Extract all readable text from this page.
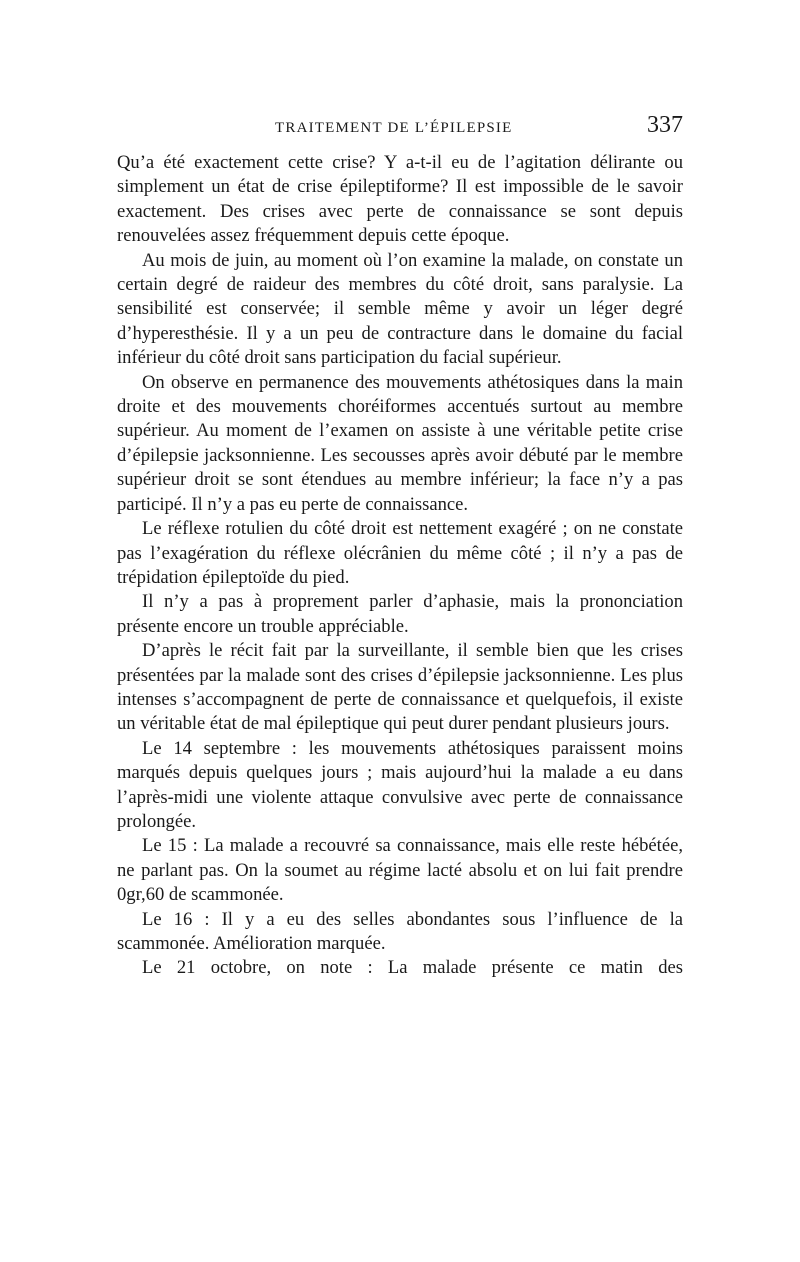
TRAITEMENT DE L’ÉPILEPSIE	337

Qu’a été exactement cette crise? Y a-t-il eu de l’agitation délirante ou simplement un état de crise épileptiforme? Il est impossible de le savoir exactement. Des crises avec perte de connaissance se sont depuis renouvelées assez fréquemment depuis cette époque.

Au mois de juin, au moment où l’on examine la malade, on constate un certain degré de raideur des membres du côté droit, sans paralysie. La sensibilité est conservée; il semble même y avoir un léger degré d’hyperesthésie. Il y a un peu de contracture dans le domaine du facial inférieur du côté droit sans participation du facial supérieur.

On observe en permanence des mouvements athétosiques dans la main droite et des mouvements choréiformes accentués surtout au membre supérieur. Au moment de l’examen on assiste à une véritable petite crise d’épilepsie jacksonnienne. Les secousses après avoir débuté par le membre supérieur droit se sont étendues au membre inférieur; la face n’y a pas participé. Il n’y a pas eu perte de connaissance.

Le réflexe rotulien du côté droit est nettement exagéré ; on ne constate pas l’exagération du réflexe olécrânien du même côté ; il n’y a pas de trépidation épileptoïde du pied.

Il n’y a pas à proprement parler d’aphasie, mais la prononciation présente encore un trouble appréciable.

D’après le récit fait par la surveillante, il semble bien que les crises présentées par la malade sont des crises d’épilepsie jacksonnienne. Les plus intenses s’accompagnent de perte de connaissance et quelquefois, il existe un véritable état de mal épileptique qui peut durer pendant plusieurs jours.

Le 14 septembre : les mouvements athétosiques paraissent moins marqués depuis quelques jours ; mais aujourd’hui la malade a eu dans l’après-midi une violente attaque convulsive avec perte de connaissance prolongée.

Le 15 : La malade a recouvré sa connaissance, mais elle reste hébétée, ne parlant pas. On la soumet au régime lacté absolu et on lui fait prendre 0gr,60 de scammonée.

Le 16 : Il y a eu des selles abondantes sous l’influence de la scammonée. Amélioration marquée.

Le 21 octobre, on note : La malade présente ce matin des
